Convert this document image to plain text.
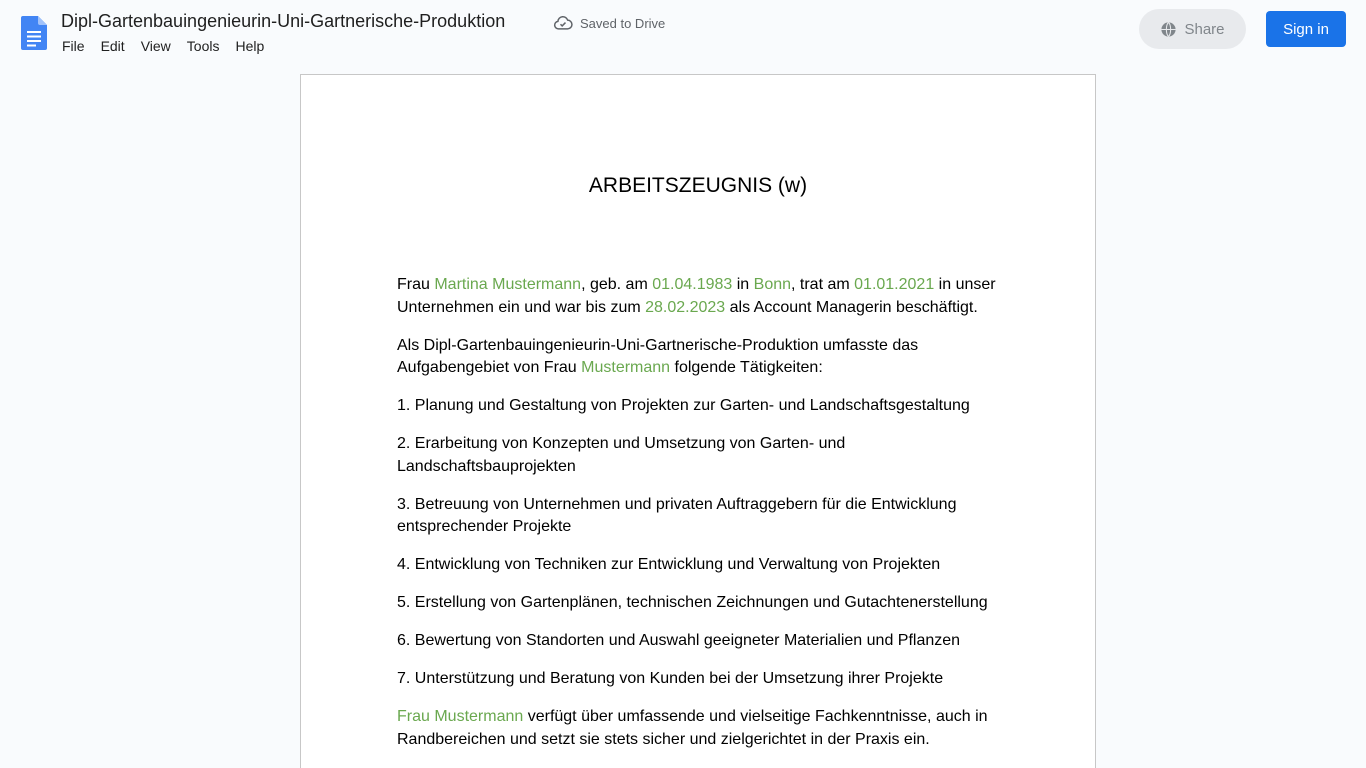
Dipl-Gartenbauingenieurin-Uni-Gartnerische-Produktion	Saved to Drive
File	Edit	View	Tools	Help
Share	Sign in
ARBEITSZEUGNIS (w)

Frau Martina Mustermann, geb. am 01.04.1983 in Bonn, trat am 01.01.2021 in unser Unternehmen ein und war bis zum 28.02.2023 als Account Managerin beschäftigt.

Als Dipl-Gartenbauingenieurin-Uni-Gartnerische-Produktion umfasste das Aufgabengebiet von Frau Mustermann folgende Tätigkeiten:

1. Planung und Gestaltung von Projekten zur Garten- und Landschaftsgestaltung

2. Erarbeitung von Konzepten und Umsetzung von Garten- und Landschaftsbauprojekten

3. Betreuung von Unternehmen und privaten Auftraggebern für die Entwicklung entsprechender Projekte

4. Entwicklung von Techniken zur Entwicklung und Verwaltung von Projekten

5. Erstellung von Gartenplänen, technischen Zeichnungen und Gutachtenerstellung

6. Bewertung von Standorten und Auswahl geeigneter Materialien und Pflanzen

7. Unterstützung und Beratung von Kunden bei der Umsetzung ihrer Projekte

Frau Mustermann verfügt über umfassende und vielseitige Fachkenntnisse, auch in Randbereichen und setzt sie stets sicher und zielgerichtet in der Praxis ein.
